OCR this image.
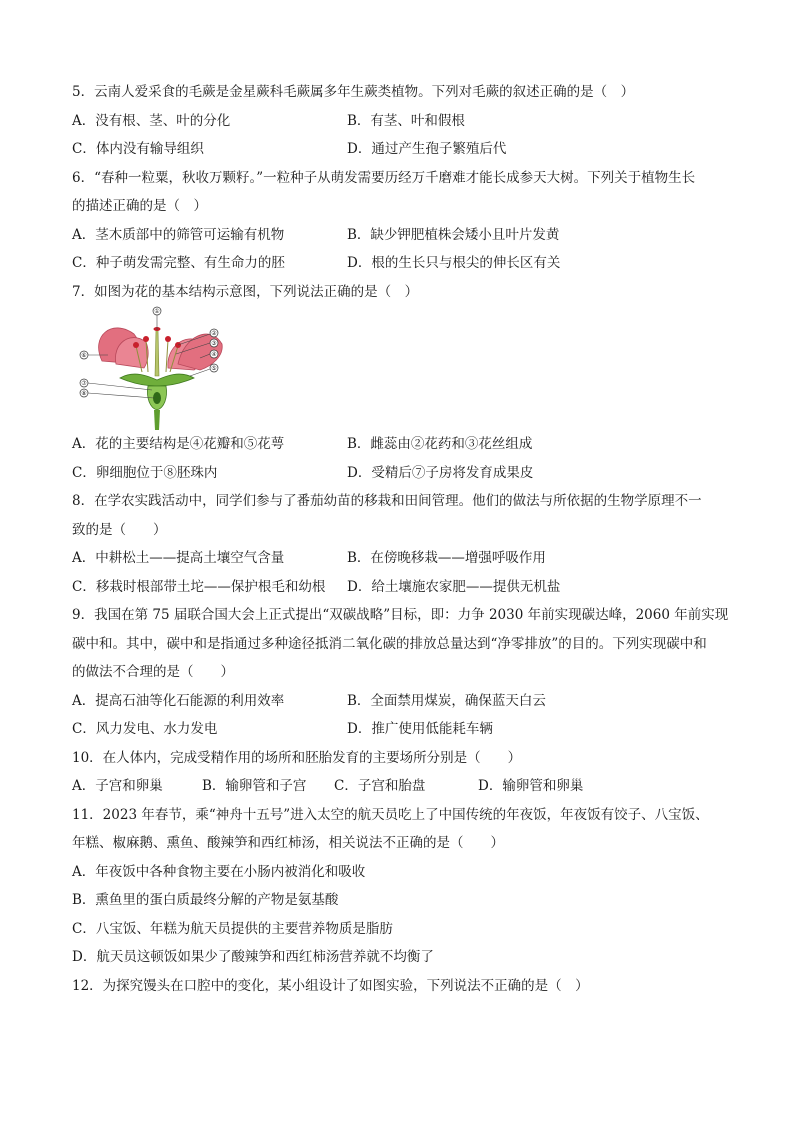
5．云南人爱采食的毛蕨是金星蕨科毛蕨属多年生蕨类植物。下列对毛蕨的叙述正确的是（　）
A．没有根、茎、叶的分化	B．有茎、叶和假根
C．体内没有输导组织	D．通过产生孢子繁殖后代
6．“春种一粒粟，秋收万颗籽。”一粒种子从萌发需要历经万千磨难才能长成参天大树。下列关于植物生长
的描述正确的是（　）
A．茎木质部中的筛管可运输有机物	B．缺少钾肥植株会矮小且叶片发黄
C．种子萌发需完整、有生命力的胚	D．根的生长只与根尖的伸长区有关
7．如图为花的基本结构示意图，下列说法正确的是（　）
①
②
③
④
⑤
⑥
⑦
⑧
A．花的主要结构是④花瓣和⑤花萼	B．雌蕊由②花药和③花丝组成
C．卵细胞位于⑧胚珠内	D．受精后⑦子房将发育成果皮
8．在学农实践活动中，同学们参与了番茄幼苗的移栽和田间管理。他们的做法与所依据的生物学原理不一
致的是（　　）
A．中耕松土——提高土壤空气含量	B．在傍晚移栽——增强呼吸作用
C．移栽时根部带土坨——保护根毛和幼根 D．给土壤施农家肥——提供无机盐
9．我国在第 75 届联合国大会上正式提出“双碳战略”目标，即：力争 2030 年前实现碳达峰，2060 年前实现
碳中和。其中，碳中和是指通过多种途径抵消二氧化碳的排放总量达到“净零排放”的目的。下列实现碳中和
的做法不合理的是（　　）
A．提高石油等化石能源的利用效率	B．全面禁用煤炭，确保蓝天白云
C．风力发电、水力发电	D．推广使用低能耗车辆
10．在人体内，完成受精作用的场所和胚胎发育的主要场所分别是（　　）
A．子宫和卵巢	B．输卵管和子宫 C．子宫和胎盘	D．输卵管和卵巢
11．2023 年春节，乘“神舟十五号”进入太空的航天员吃上了中国传统的年夜饭，年夜饭有饺子、八宝饭、
年糕、椒麻鹅、熏鱼、酸辣笋和西红柿汤，相关说法不正确的是（　　）
A．年夜饭中各种食物主要在小肠内被消化和吸收
B．熏鱼里的蛋白质最终分解的产物是氨基酸
C．八宝饭、年糕为航天员提供的主要营养物质是脂肪
D．航天员这顿饭如果少了酸辣笋和西红柿汤营养就不均衡了
12．为探究馒头在口腔中的变化，某小组设计了如图实验，下列说法不正确的是（　）
